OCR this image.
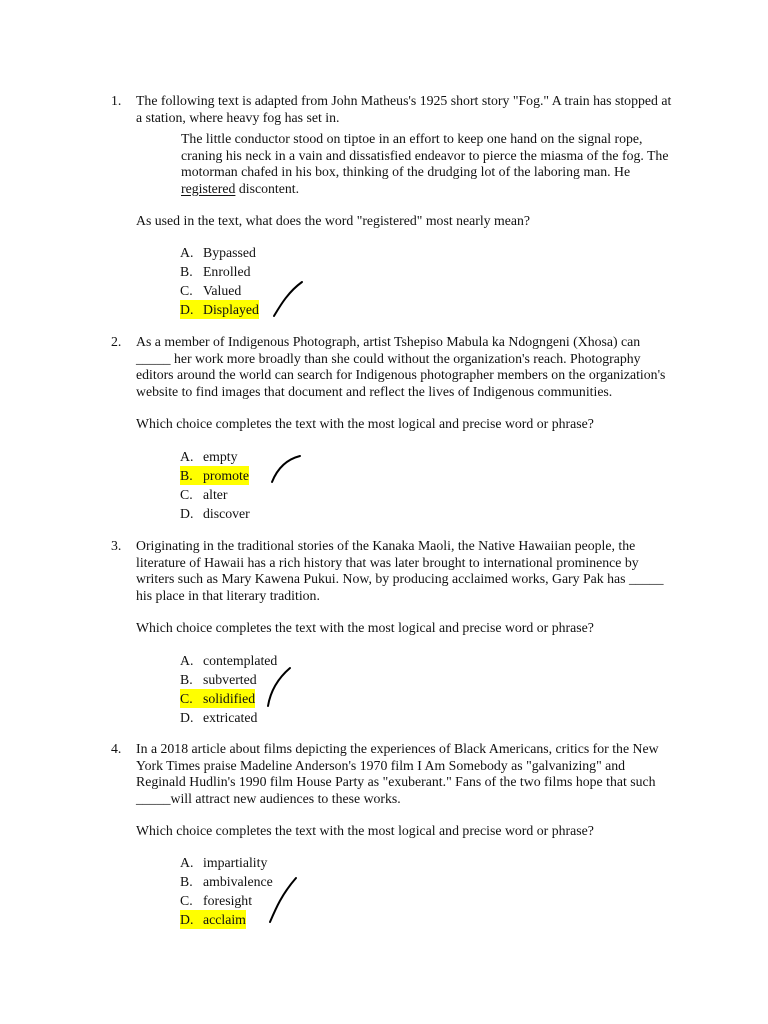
1. The following text is adapted from John Matheus's 1925 short story "Fog." A train has stopped at a station, where heavy fog has set in.
The little conductor stood on tiptoe in an effort to keep one hand on the signal rope, craning his neck in a vain and dissatisfied endeavor to pierce the miasma of the fog. The motorman chafed in his box, thinking of the drudging lot of the laboring man. He registered discontent.
As used in the text, what does the word "registered" most nearly mean?
A. Bypassed
B. Enrolled
C. Valued
D. Displayed
2. As a member of Indigenous Photograph, artist Tshepiso Mabula ka Ndogngeni (Xhosa) can _____ her work more broadly than she could without the organization's reach. Photography editors around the world can search for Indigenous photographer members on the organization's website to find images that document and reflect the lives of Indigenous communities.
Which choice completes the text with the most logical and precise word or phrase?
A. empty
B. promote
C. alter
D. discover
3. Originating in the traditional stories of the Kanaka Maoli, the Native Hawaiian people, the literature of Hawaii has a rich history that was later brought to international prominence by writers such as Mary Kawena Pukui. Now, by producing acclaimed works, Gary Pak has _____ his place in that literary tradition.
Which choice completes the text with the most logical and precise word or phrase?
A. contemplated
B. subverted
C. solidified
D. extricated
4. In a 2018 article about films depicting the experiences of Black Americans, critics for the New York Times praise Madeline Anderson's 1970 film I Am Somebody as "galvanizing" and Reginald Hudlin's 1990 film House Party as "exuberant." Fans of the two films hope that such _____will attract new audiences to these works.
Which choice completes the text with the most logical and precise word or phrase?
A. impartiality
B. ambivalence
C. foresight
D. acclaim
